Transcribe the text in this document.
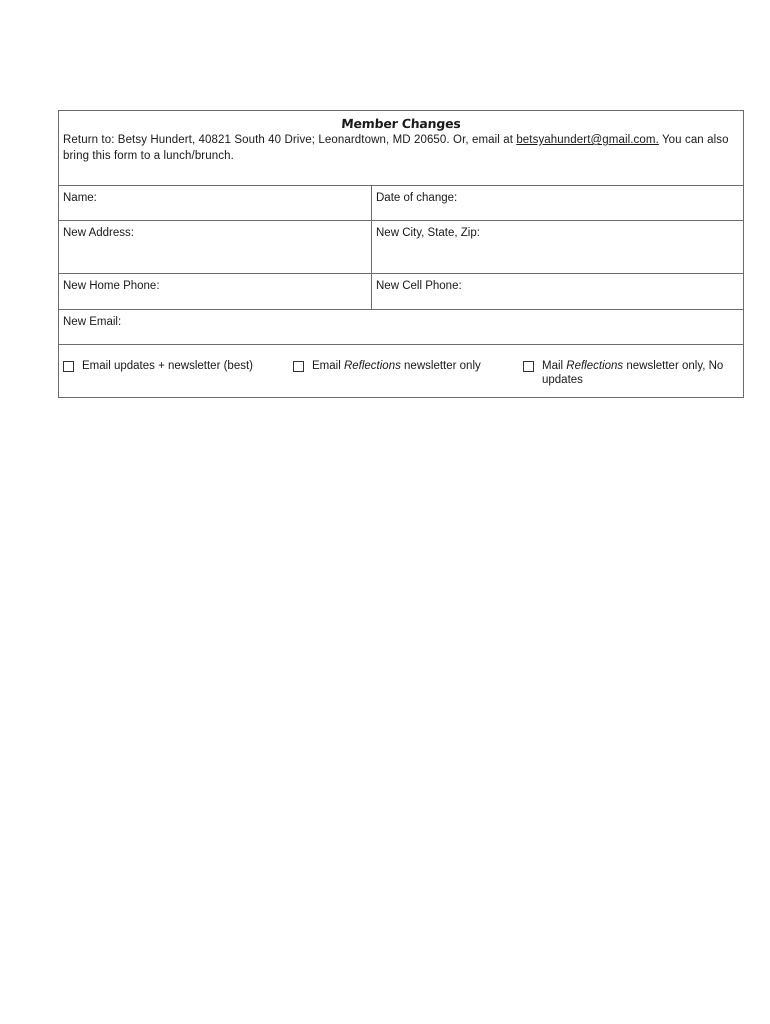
Member Changes
Return to: Betsy Hundert, 40821 South 40 Drive; Leonardtown, MD 20650. Or, email at betsyahundert@gmail.com. You can also bring this form to a lunch/brunch.
Name:	Date of change:
New Address:	New City, State, Zip:
New Home Phone:	New Cell Phone:
New Email:
Email updates + newsletter (best)	Email Reflections newsletter only	Mail Reflections newsletter only, No updates
